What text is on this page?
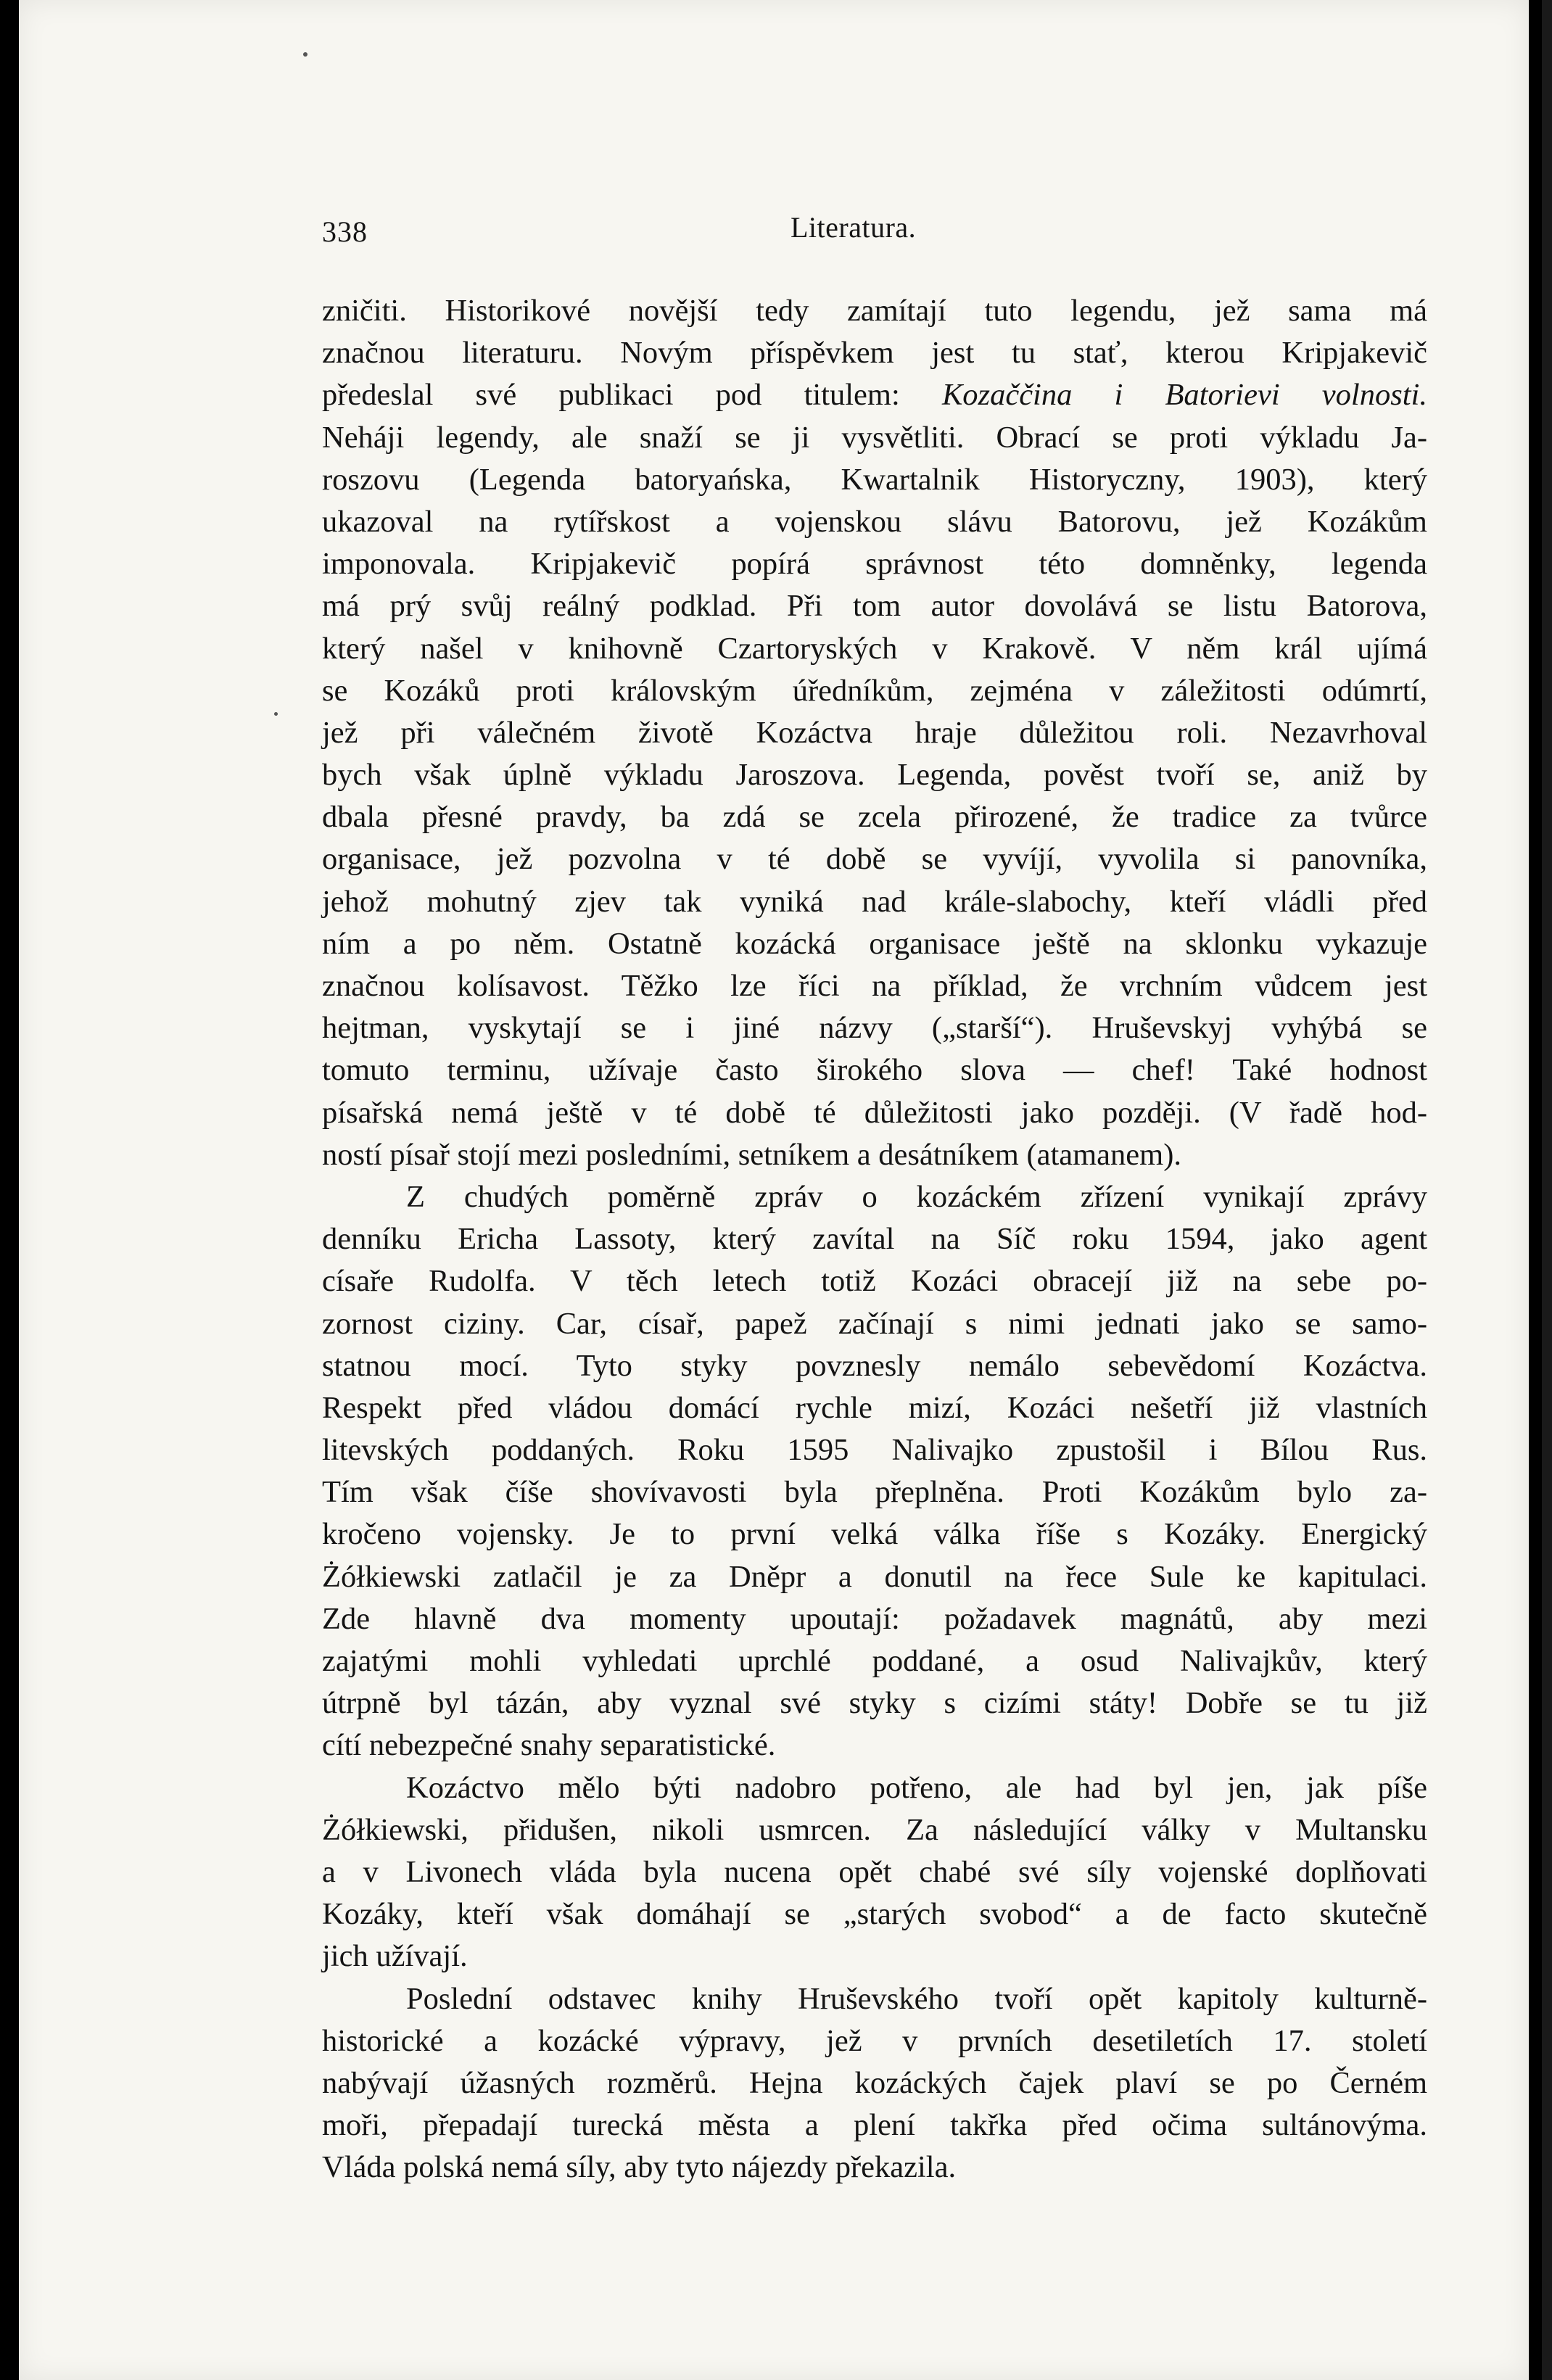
338	Literatura.
zničiti. Historikové novější tedy zamítají tuto legendu, jež sama má
značnou literaturu. Novým příspěvkem jest tu stať, kterou Kripjakevič
předeslal své publikaci pod titulem: Kozaččina i Batorievi volnosti.
Neháji legendy, ale snaží se ji vysvětliti. Obrací se proti výkladu Ja-
roszovu (Legenda batoryańska, Kwartalnik Historyczny, 1903), který
ukazoval na rytířskost a vojenskou slávu Batorovu, jež Kozákům
imponovala. Kripjakevič popírá správnost této domněnky, legenda
má prý svůj reálný podklad. Při tom autor dovolává se listu Batorova,
který našel v knihovně Czartoryských v Krakově. V něm král ujímá
se Kozáků proti královským úředníkům, zejména v záležitosti odúmrtí,
jež při válečném životě Kozáctva hraje důležitou roli. Nezavrhoval
bych však úplně výkladu Jaroszova. Legenda, pověst tvoří se, aniž by
dbala přesné pravdy, ba zdá se zcela přirozené, že tradice za tvůrce
organisace, jež pozvolna v té době se vyvíjí, vyvolila si panovníka,
jehož mohutný zjev tak vyniká nad krále-slabochy, kteří vládli před
ním a po něm. Ostatně kozácká organisace ještě na sklonku vykazuje
značnou kolísavost. Těžko lze říci na příklad, že vrchním vůdcem jest
hejtman, vyskytají se i jiné názvy („starší“). Hruševskyj vyhýbá se
tomuto terminu, užívaje často širokého slova — chef! Také hodnost
písařská nemá ještě v té době té důležitosti jako později. (V řadě hod-
ností písař stojí mezi posledními, setníkem a desátníkem (atamanem).
Z chudých poměrně zpráv o kozáckém zřízení vynikají zprávy
denníku Ericha Lassoty, který zavítal na Síč roku 1594, jako agent
císaře Rudolfa. V těch letech totiž Kozáci obracejí již na sebe po-
zornost ciziny. Car, císař, papež začínají s nimi jednati jako se samo-
statnou mocí. Tyto styky povznesly nemálo sebevědomí Kozáctva.
Respekt před vládou domácí rychle mizí, Kozáci nešetří již vlastních
litevských poddaných. Roku 1595 Nalivajko zpustošil i Bílou Rus.
Tím však číše shovívavosti byla přeplněna. Proti Kozákům bylo za-
kročeno vojensky. Je to první velká válka říše s Kozáky. Energický
Żółkiewski zatlačil je za Dněpr a donutil na řece Sule ke kapitulaci.
Zde hlavně dva momenty upoutají: požadavek magnátů, aby mezi
zajatými mohli vyhledati uprchlé poddané, a osud Nalivajkův, který
útrpně byl tázán, aby vyznal své styky s cizími státy! Dobře se tu již
cítí nebezpečné snahy separatistické.
Kozáctvo mělo býti nadobro potřeno, ale had byl jen, jak píše
Żółkiewski, přidušen, nikoli usmrcen. Za následující války v Multansku
a v Livonech vláda byla nucena opět chabé své síly vojenské doplňovati
Kozáky, kteří však domáhají se „starých svobod“ a de facto skutečně
jich užívají.
Poslední odstavec knihy Hruševského tvoří opět kapitoly kulturně-
historické a kozácké výpravy, jež v prvních desetiletích 17. století
nabývají úžasných rozměrů. Hejna kozáckých čajek plaví se po Černém
moři, přepadají turecká města a plení takřka před očima sultánovýma.
Vláda polská nemá síly, aby tyto nájezdy překazila.
